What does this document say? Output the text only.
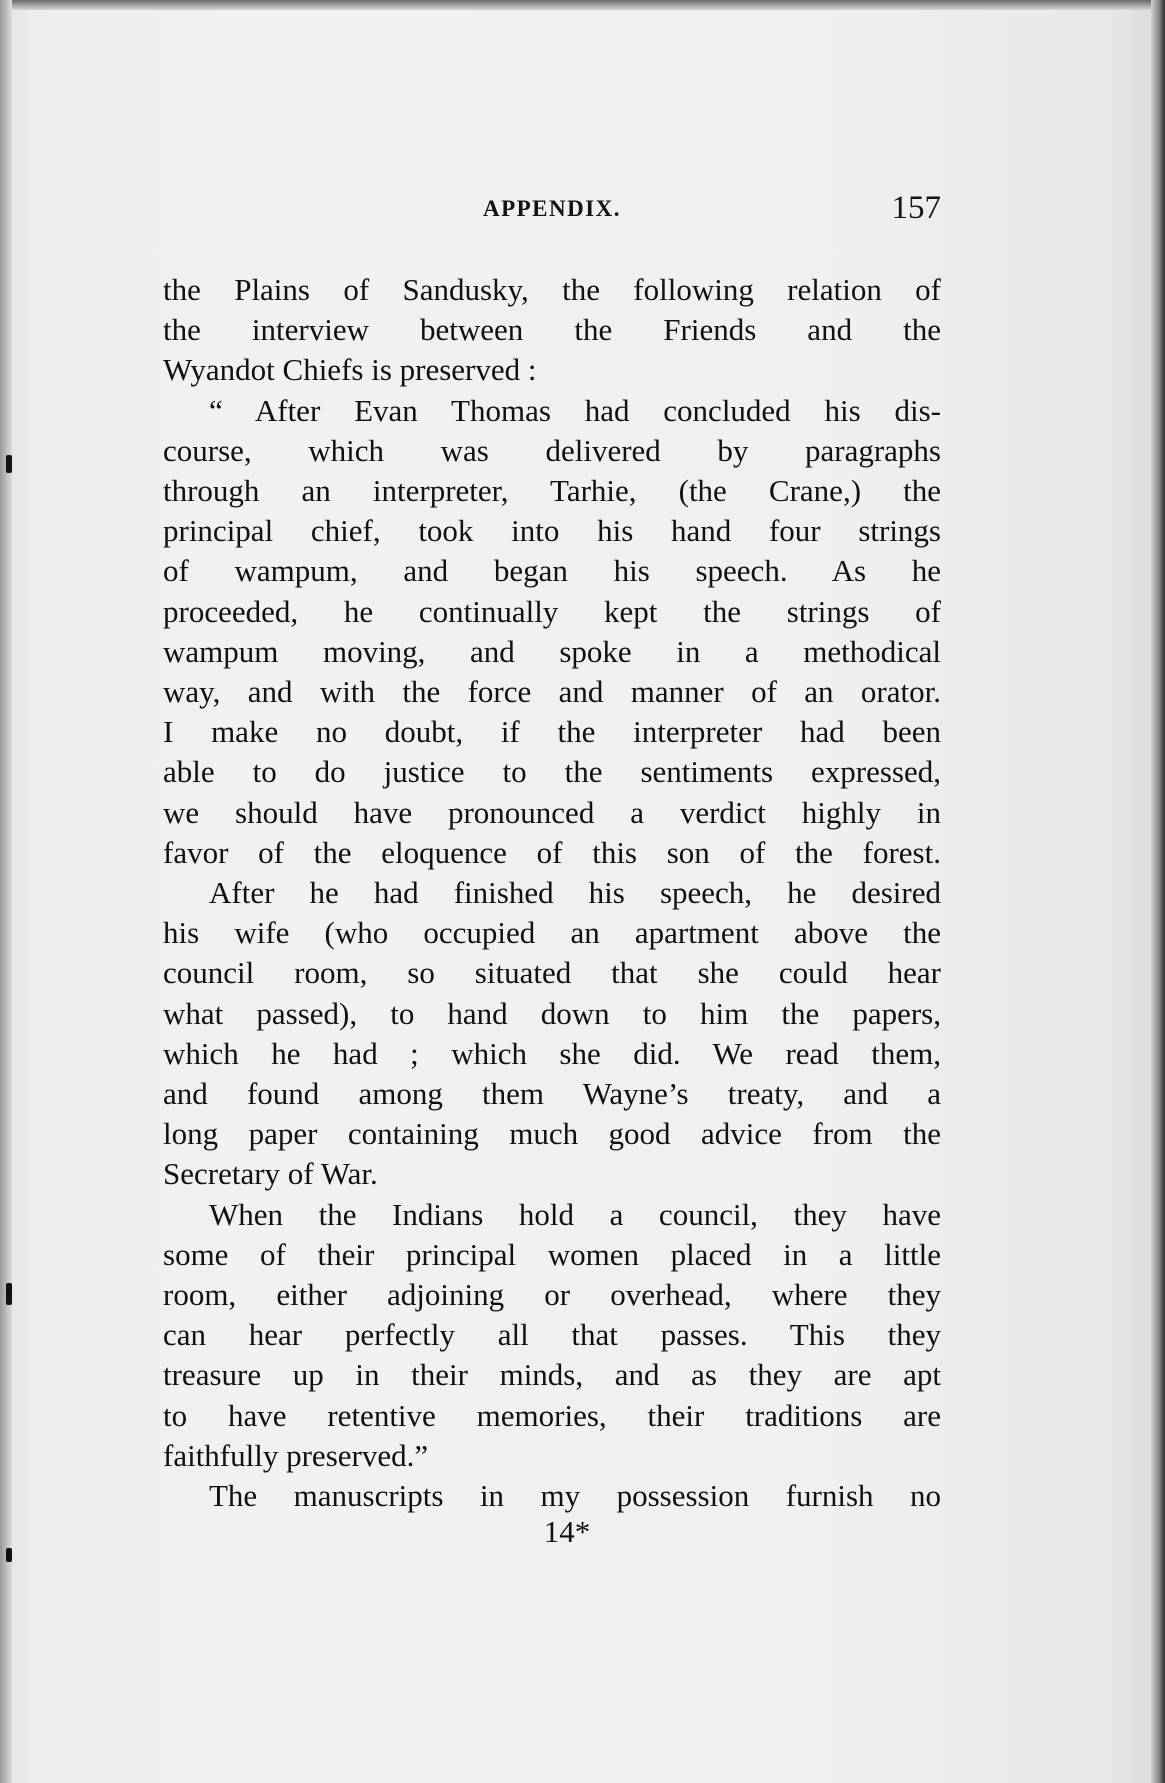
APPENDIX.	157
the Plains of Sandusky, the following relation of
the interview between the Friends and the
Wyandot Chiefs is preserved :
“ After Evan Thomas had concluded his dis-
course, which was delivered by paragraphs
through an interpreter, Tarhie, (the Crane,) the
principal chief, took into his hand four strings
of wampum, and began his speech. As he
proceeded, he continually kept the strings of
wampum moving, and spoke in a methodical
way, and with the force and manner of an orator.
I make no doubt, if the interpreter had been
able to do justice to the sentiments expressed,
we should have pronounced a verdict highly in
favor of the eloquence of this son of the forest.
After he had finished his speech, he desired
his wife (who occupied an apartment above the
council room, so situated that she could hear
what passed), to hand down to him the papers,
which he had ; which she did. We read them,
and found among them Wayne’s treaty, and a
long paper containing much good advice from the
Secretary of War.
When the Indians hold a council, they have
some of their principal women placed in a little
room, either adjoining or overhead, where they
can hear perfectly all that passes. This they
treasure up in their minds, and as they are apt
to have retentive memories, their traditions are
faithfully preserved.”
The manuscripts in my possession furnish no
14*
